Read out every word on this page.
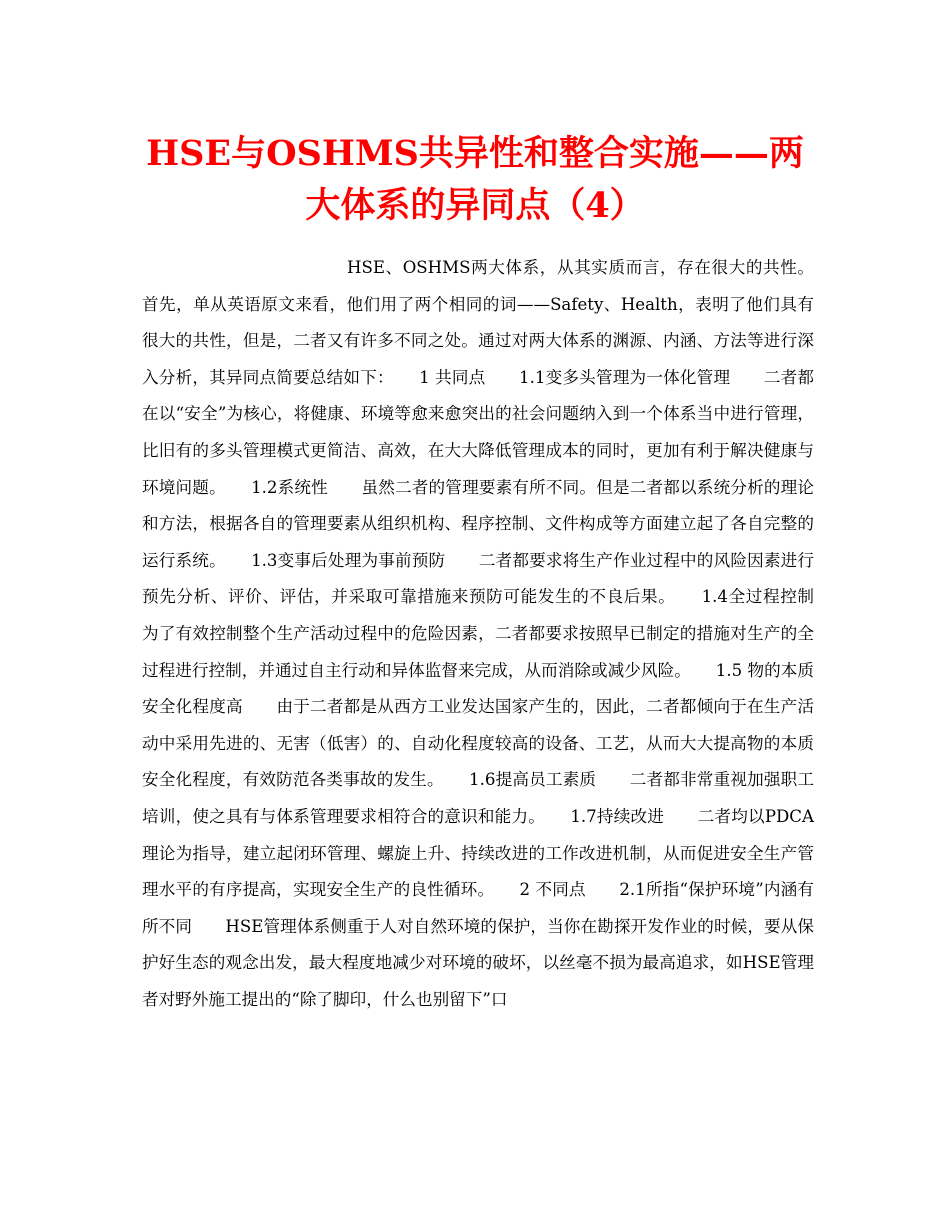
HSE与OSHMS共异性和整合实施——两大体系的异同点（4）

HSE、OSHMS两大体系，从其实质而言，存在很大的共性。首先，单从英语原文来看，他们用了两个相同的词——Safety、Health，表明了他们具有很大的共性，但是，二者又有许多不同之处。通过对两大体系的渊源、内涵、方法等进行深入分析，其异同点简要总结如下：　　1 共同点　　1.1变多头管理为一体化管理　　二者都在以“安全”为核心，将健康、环境等愈来愈突出的社会问题纳入到一个体系当中进行管理，比旧有的多头管理模式更简洁、高效，在大大降低管理成本的同时，更加有利于解决健康与环境问题。　　1.2系统性　　虽然二者的管理要素有所不同。但是二者都以系统分析的理论和方法，根据各自的管理要素从组织机构、程序控制、文件构成等方面建立起了各自完整的运行系统。　　1.3变事后处理为事前预防　　二者都要求将生产作业过程中的风险因素进行预先分析、评价、评估，并采取可靠措施来预防可能发生的不良后果。　　1.4全过程控制　　为了有效控制整个生产活动过程中的危险因素，二者都要求按照早已制定的措施对生产的全过程进行控制，并通过自主行动和异体监督来完成，从而消除或减少风险。　　1.5 物的本质安全化程度高　　由于二者都是从西方工业发达国家产生的，因此，二者都倾向于在生产活动中采用先进的、无害（低害）的、自动化程度较高的设备、工艺，从而大大提高物的本质安全化程度，有效防范各类事故的发生。　　1.6提高员工素质　　二者都非常重视加强职工培训，使之具有与体系管理要求相符合的意识和能力。　　1.7持续改进　　二者均以PDCA理论为指导，建立起闭环管理、螺旋上升、持续改进的工作改进机制，从而促进安全生产管理水平的有序提高，实现安全生产的良性循环。　　2 不同点　　2.1所指“保护环境”内涵有所不同　　HSE管理体系侧重于人对自然环境的保护，当你在勘探开发作业的时候，要从保护好生态的观念出发，最大程度地减少对环境的破坏，以丝毫不损为最高追求，如HSE管理者对野外施工提出的“除了脚印，什么也别留下”口
